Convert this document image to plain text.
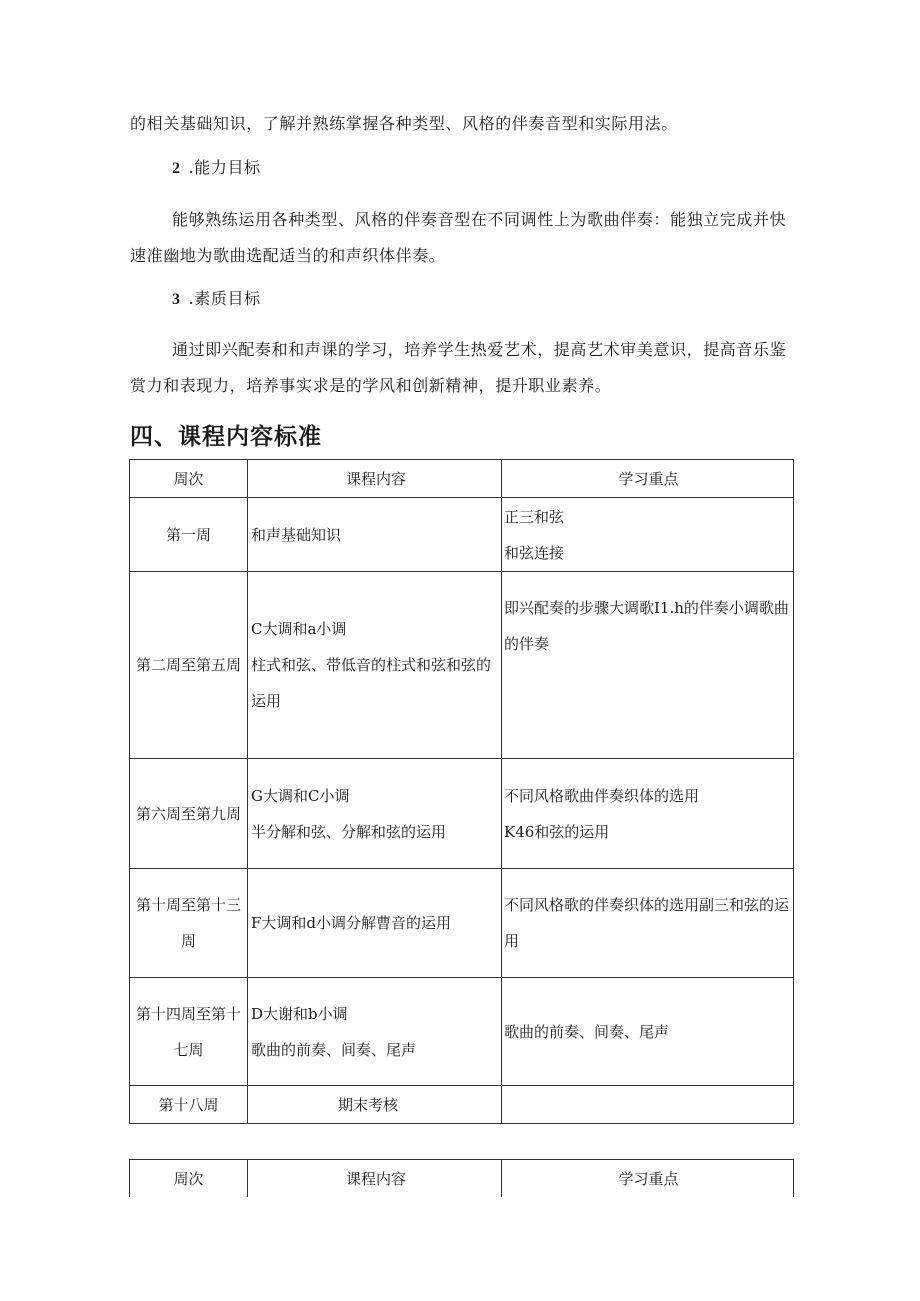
的相关基础知识，了解并熟练掌握各种类型、风格的伴奏音型和实际用法。

2 .能力目标

能够熟练运用各种类型、风格的伴奏音型在不同调性上为歌曲伴奏：能独立完成并快速准幽地为歌曲选配适当的和声织体伴奏。

3 .素质目标

通过即兴配奏和和声课的学习，培养学生热爱艺术，提高艺术审美意识，提高音乐鉴赏力和表现力，培养事实求是的学风和创新精神，提升职业素养。

四、课程内容标准
周次	课程内容	学习重点
第一周	和声基础知识	正三和弦
和弦连接

第二周至第五周	C大调和a小调
柱式和弦、带低音的柱式和弦和弦的运用	即兴配奏的步骤大调歌I1.h的伴奏小调歌曲的伴奏

第六周至第九周	G大调和C小调
半分解和弦、分解和弦的运用	不同风格歌曲伴奏织体的选用
K46和弦的运用

第十周至第十三周	F大调和d小调分解曹音的运用	不同风格歌的伴奏织体的选用副三和弦的运用

第十四周至第十七周	D大谢和b小调
歌曲的前奏、间奏、尾声	歌曲的前奏、间奏、尾声

第十八周	期末考核	

周次	课程内容	学习重点
